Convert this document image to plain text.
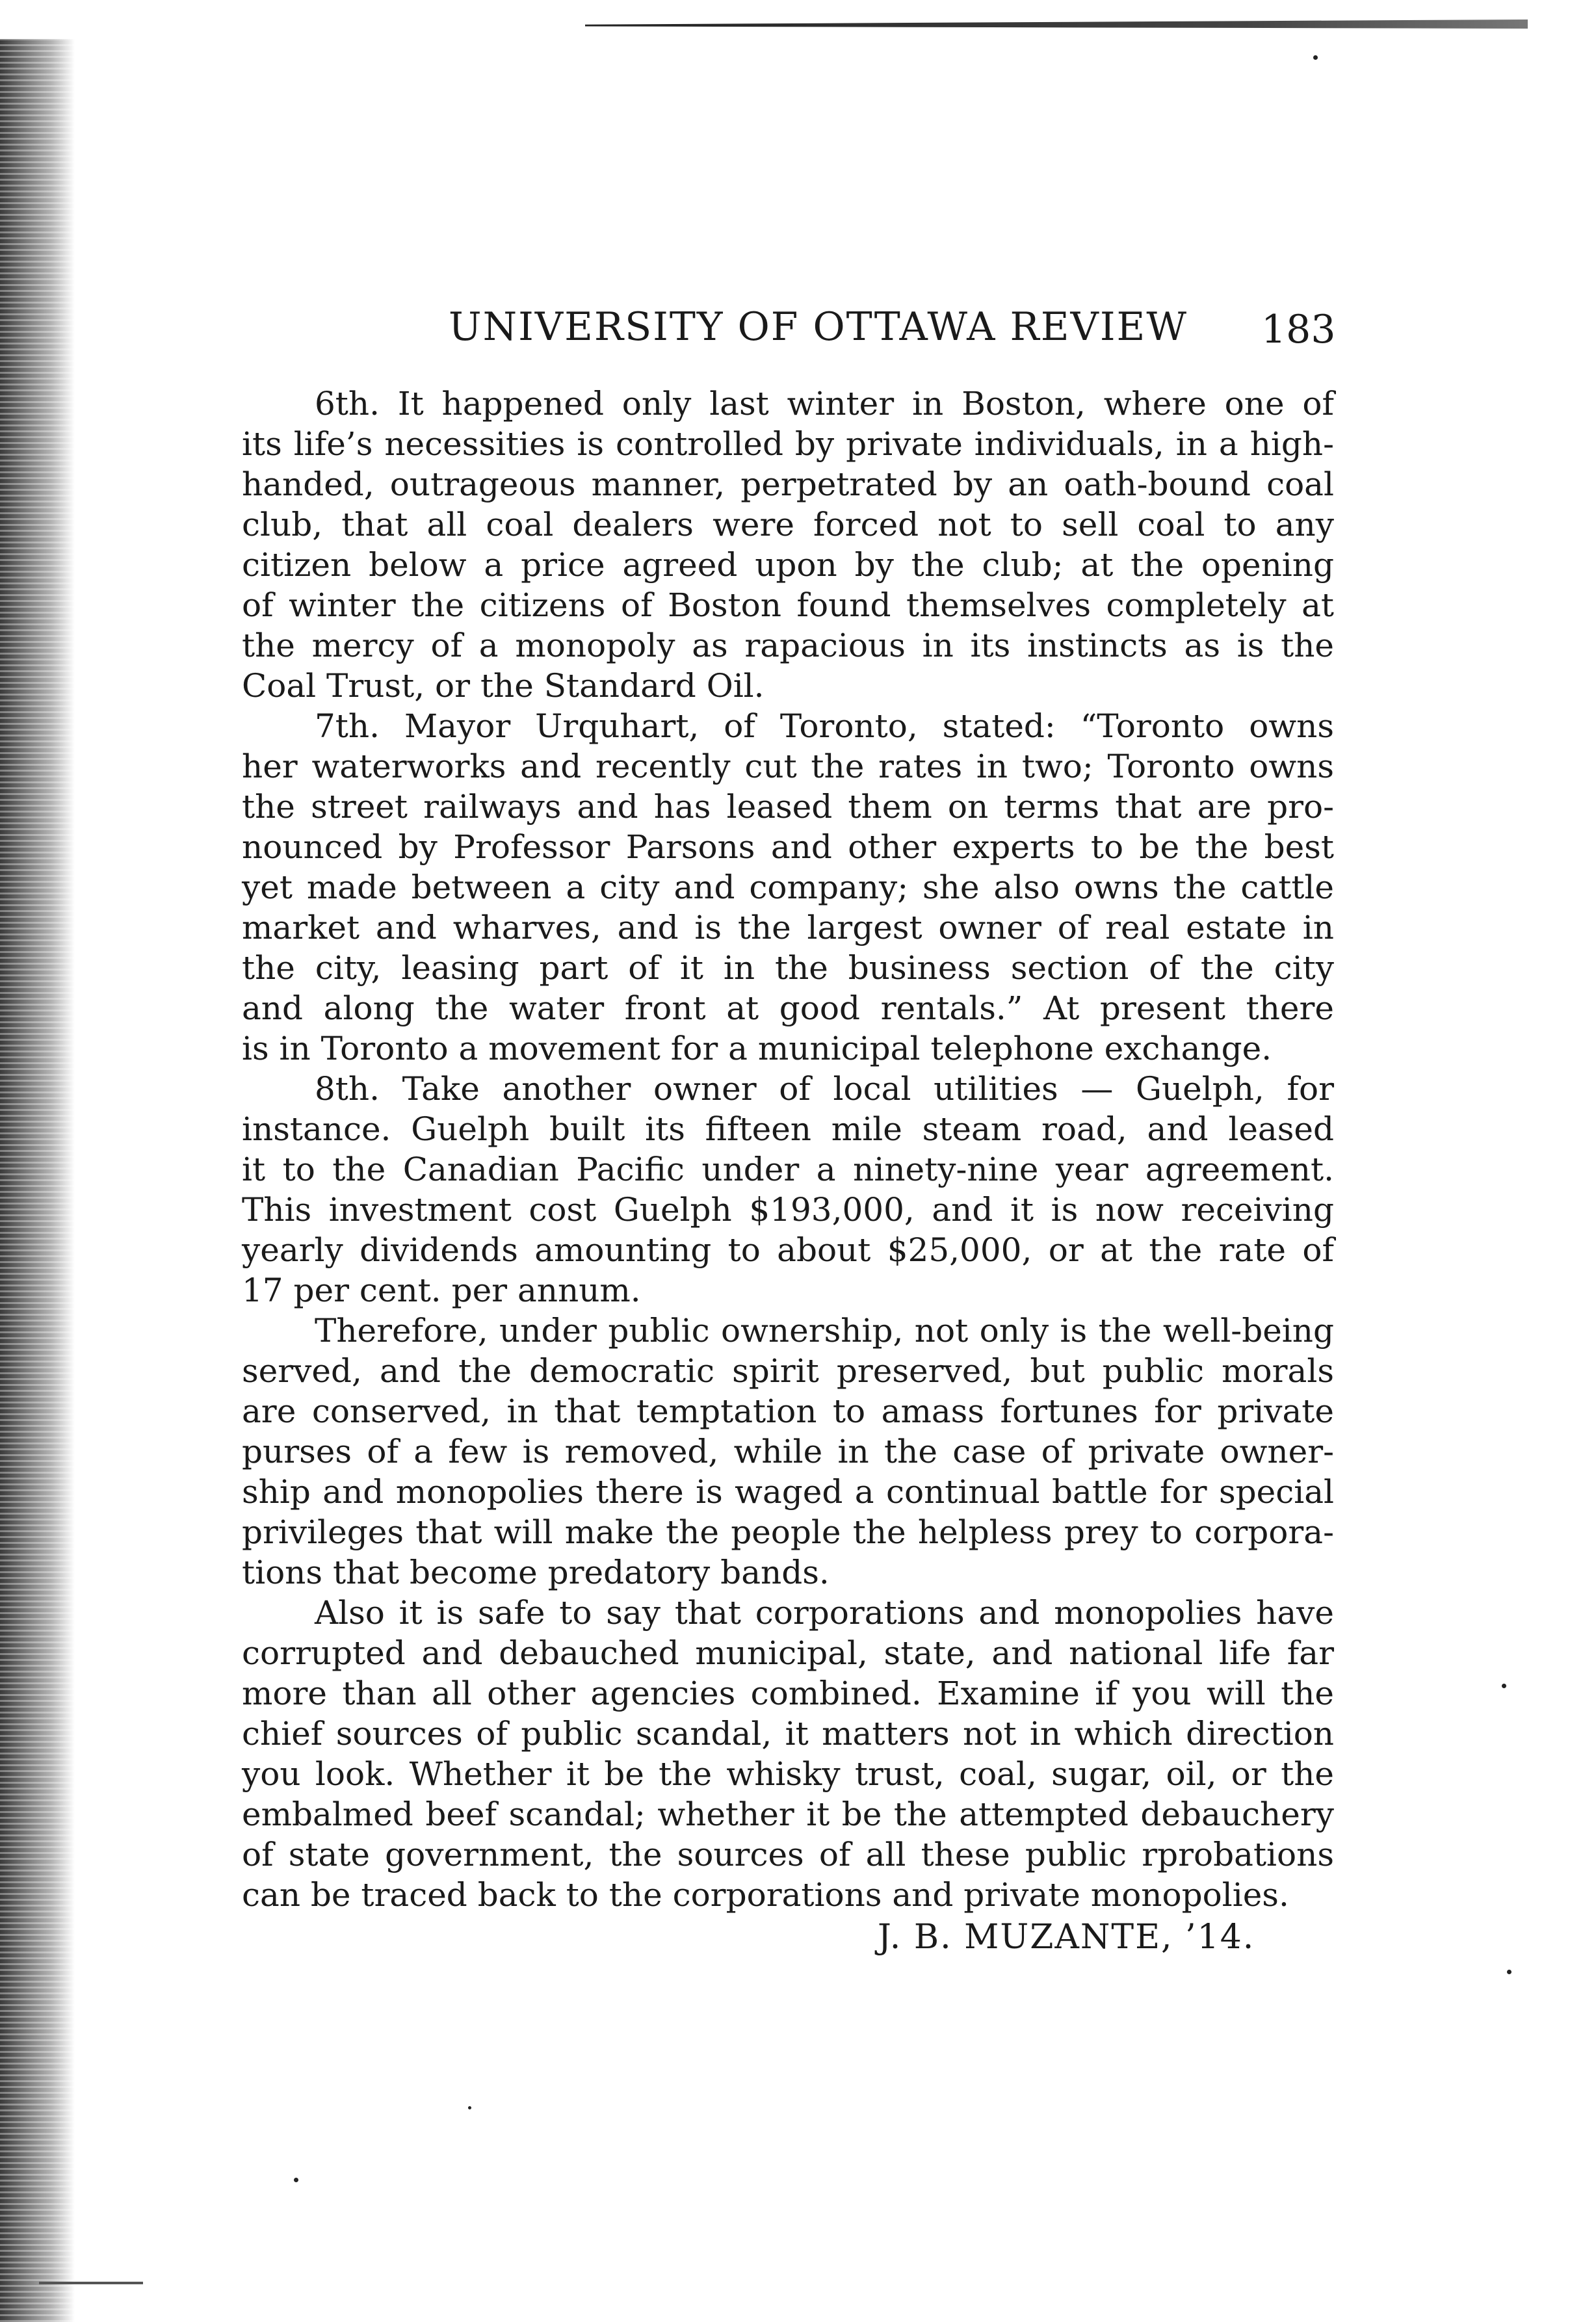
UNIVERSITY OF OTTAWA REVIEW 183
6th. It happened only last winter in Boston, where one of
its life’s necessities is controlled by private individuals, in a high-
handed, outrageous manner, perpetrated by an oath-bound coal
club, that all coal dealers were forced not to sell coal to any
citizen below a price agreed upon by the club; at the opening
of winter the citizens of Boston found themselves completely at
the mercy of a monopoly as rapacious in its instincts as is the
Coal Trust, or the Standard Oil.
7th. Mayor Urquhart, of Toronto, stated: “Toronto owns
her waterworks and recently cut the rates in two; Toronto owns
the street railways and has leased them on terms that are pro-
nounced by Professor Parsons and other experts to be the best
yet made between a city and company; she also owns the cattle
market and wharves, and is the largest owner of real estate in
the city, leasing part of it in the business section of the city
and along the water front at good rentals.” At present there
is in Toronto a movement for a municipal telephone exchange.
8th. Take another owner of local utilities — Guelph, for
instance. Guelph built its fifteen mile steam road, and leased
it to the Canadian Pacific under a ninety-nine year agreement.
This investment cost Guelph $193,000, and it is now receiving
yearly dividends amounting to about $25,000, or at the rate of
17 per cent. per annum.
Therefore, under public ownership, not only is the well-being
served, and the democratic spirit preserved, but public morals
are conserved, in that temptation to amass fortunes for private
purses of a few is removed, while in the case of private owner-
ship and monopolies there is waged a continual battle for special
privileges that will make the people the helpless prey to corpora-
tions that become predatory bands.
Also it is safe to say that corporations and monopolies have
corrupted and debauched municipal, state, and national life far
more than all other agencies combined. Examine if you will the
chief sources of public scandal, it matters not in which direction
you look. Whether it be the whisky trust, coal, sugar, oil, or the
embalmed beef scandal; whether it be the attempted debauchery
of state government, the sources of all these public rprobations
can be traced back to the corporations and private monopolies.
J. B. MUZANTE, ’14.
